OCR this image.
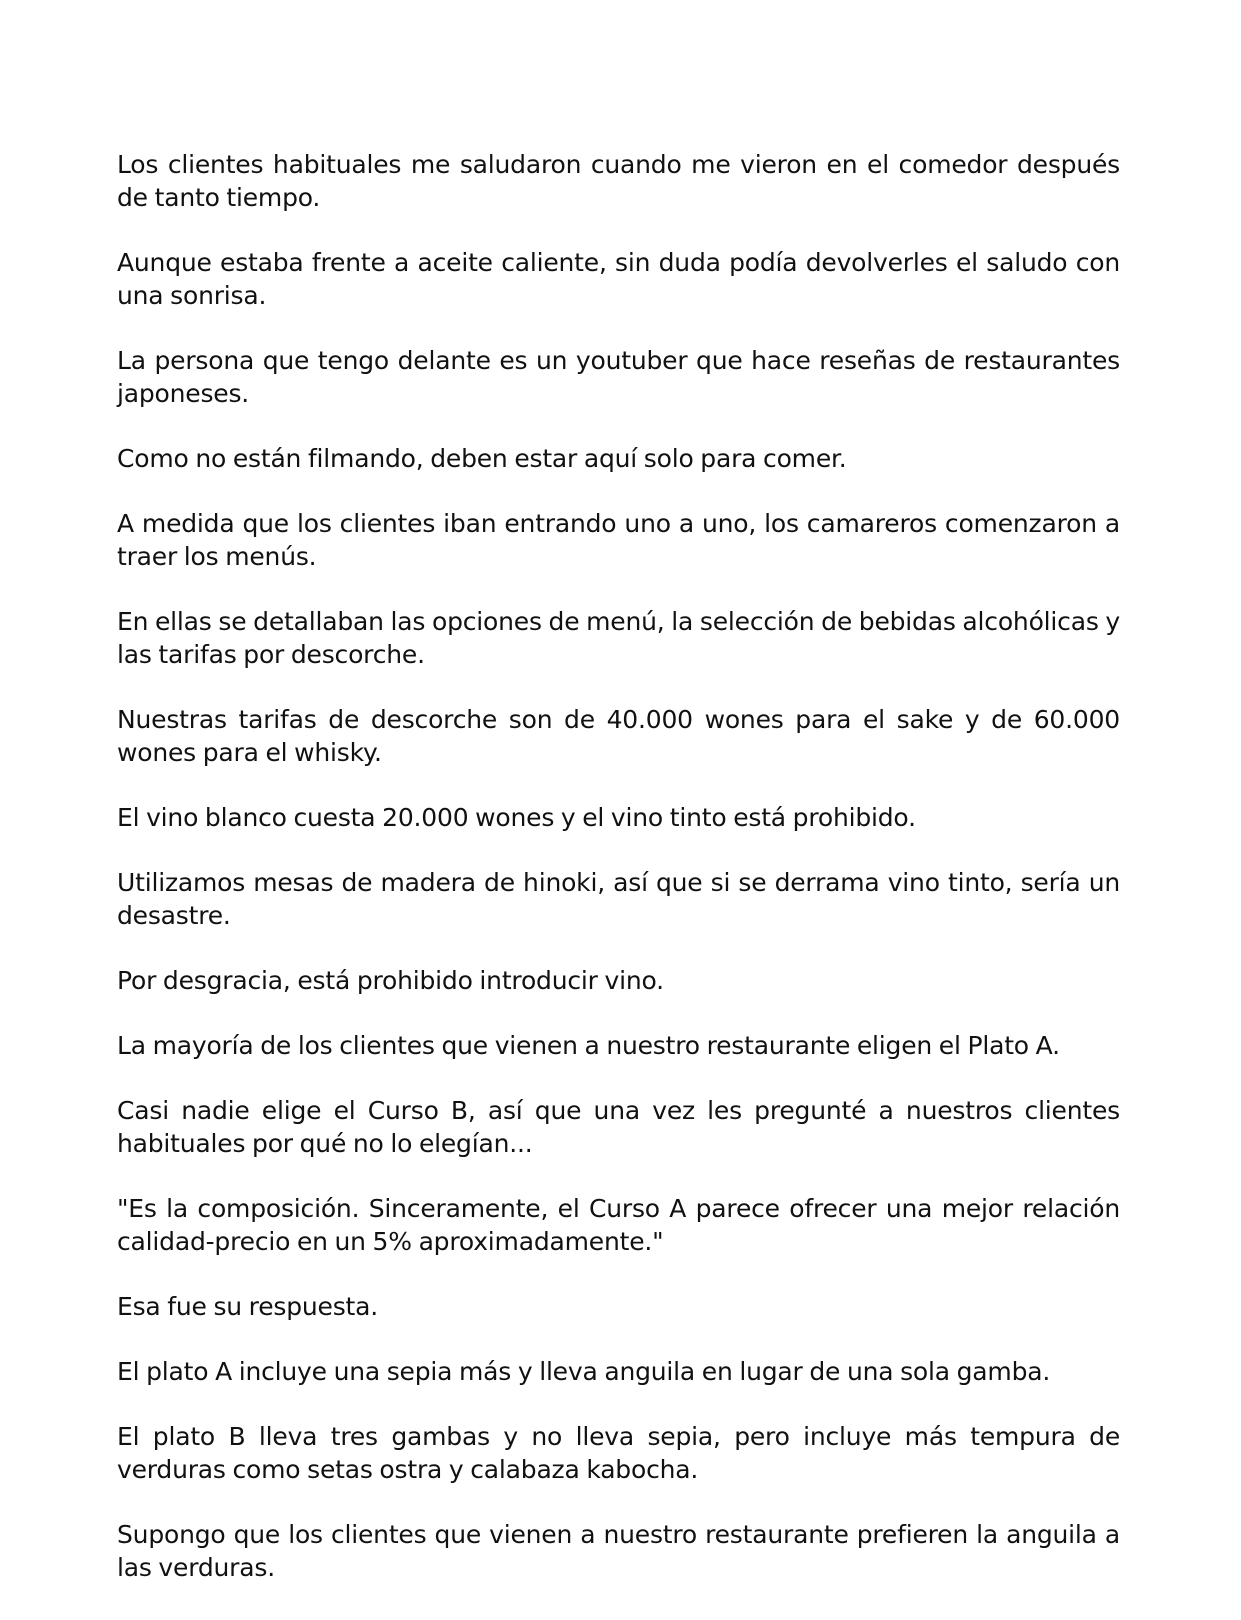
Los clientes habituales me saludaron cuando me vieron en el comedor después de tanto tiempo.

Aunque estaba frente a aceite caliente, sin duda podía devolverles el saludo con una sonrisa.

La persona que tengo delante es un youtuber que hace reseñas de restaurantes japoneses.

Como no están filmando, deben estar aquí solo para comer.

A medida que los clientes iban entrando uno a uno, los camareros comenzaron a traer los menús.

En ellas se detallaban las opciones de menú, la selección de bebidas alcohólicas y las tarifas por descorche.

Nuestras tarifas de descorche son de 40.000 wones para el sake y de 60.000 wones para el whisky.

El vino blanco cuesta 20.000 wones y el vino tinto está prohibido.

Utilizamos mesas de madera de hinoki, así que si se derrama vino tinto, sería un desastre.

Por desgracia, está prohibido introducir vino.

La mayoría de los clientes que vienen a nuestro restaurante eligen el Plato A.

Casi nadie elige el Curso B, así que una vez les pregunté a nuestros clientes habituales por qué no lo elegían...

"Es la composición. Sinceramente, el Curso A parece ofrecer una mejor relación calidad-precio en un 5% aproximadamente."

Esa fue su respuesta.

El plato A incluye una sepia más y lleva anguila en lugar de una sola gamba.

El plato B lleva tres gambas y no lleva sepia, pero incluye más tempura de verduras como setas ostra y calabaza kabocha.

Supongo que los clientes que vienen a nuestro restaurante prefieren la anguila a las verduras.
